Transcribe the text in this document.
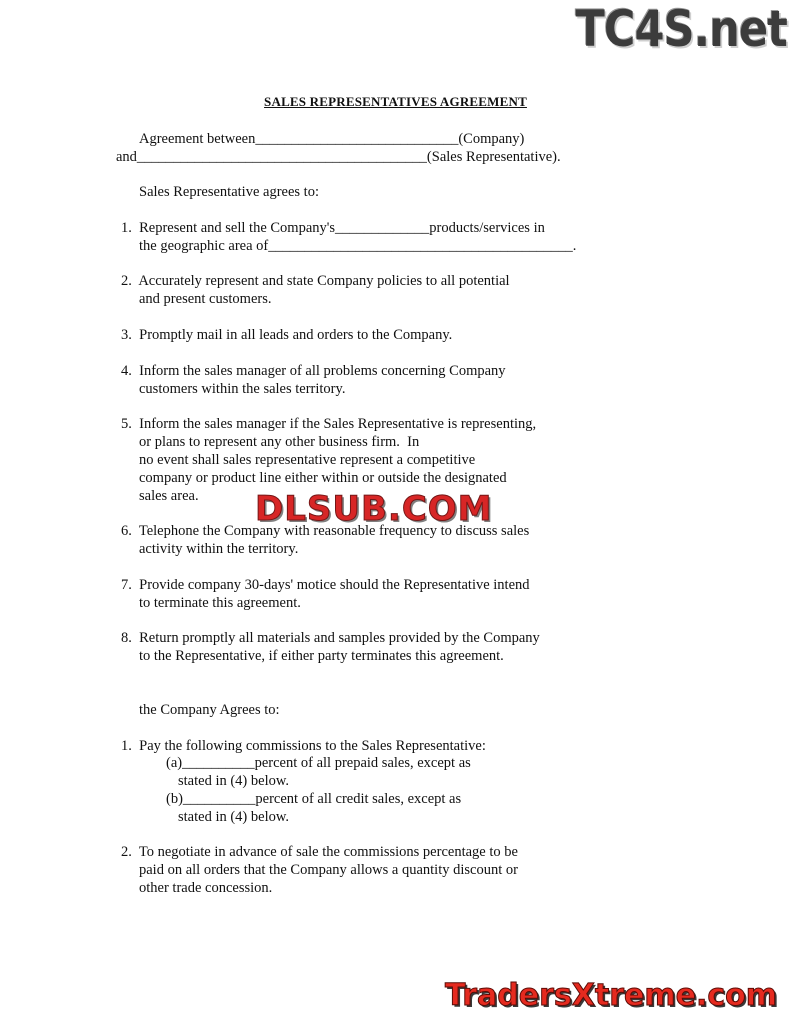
TC4S.net
SALES REPRESENTATIVES AGREEMENT
Agreement between____________________________(Company)
and________________________________________(Sales Representative).
Sales Representative agrees to:
1.  Represent and sell the Company's_____________products/services in
the geographic area of__________________________________________.
2.  Accurately represent and state Company policies to all potential
and present customers.
3.  Promptly mail in all leads and orders to the Company.
4.  Inform the sales manager of all problems concerning Company
customers within the sales territory.
5.  Inform the sales manager if the Sales Representative is representing,
or plans to represent any other business firm.  In
no event shall sales representative represent a competitive
company or product line either within or outside the designated
sales area.
6.  Telephone the Company with reasonable frequency to discuss sales
activity within the territory.
7.  Provide company 30-days' motice should the Representative intend
to terminate this agreement.
8.  Return promptly all materials and samples provided by the Company
to the Representative, if either party terminates this agreement.
the Company Agrees to:
1.  Pay the following commissions to the Sales Representative:
(a)__________percent of all prepaid sales, except as
stated in (4) below.
(b)__________percent of all credit sales, except as
stated in (4) below.
2.  To negotiate in advance of sale the commissions percentage to be
paid on all orders that the Company allows a quantity discount or
other trade concession.
DLSUB.COM
TradersXtreme.com
